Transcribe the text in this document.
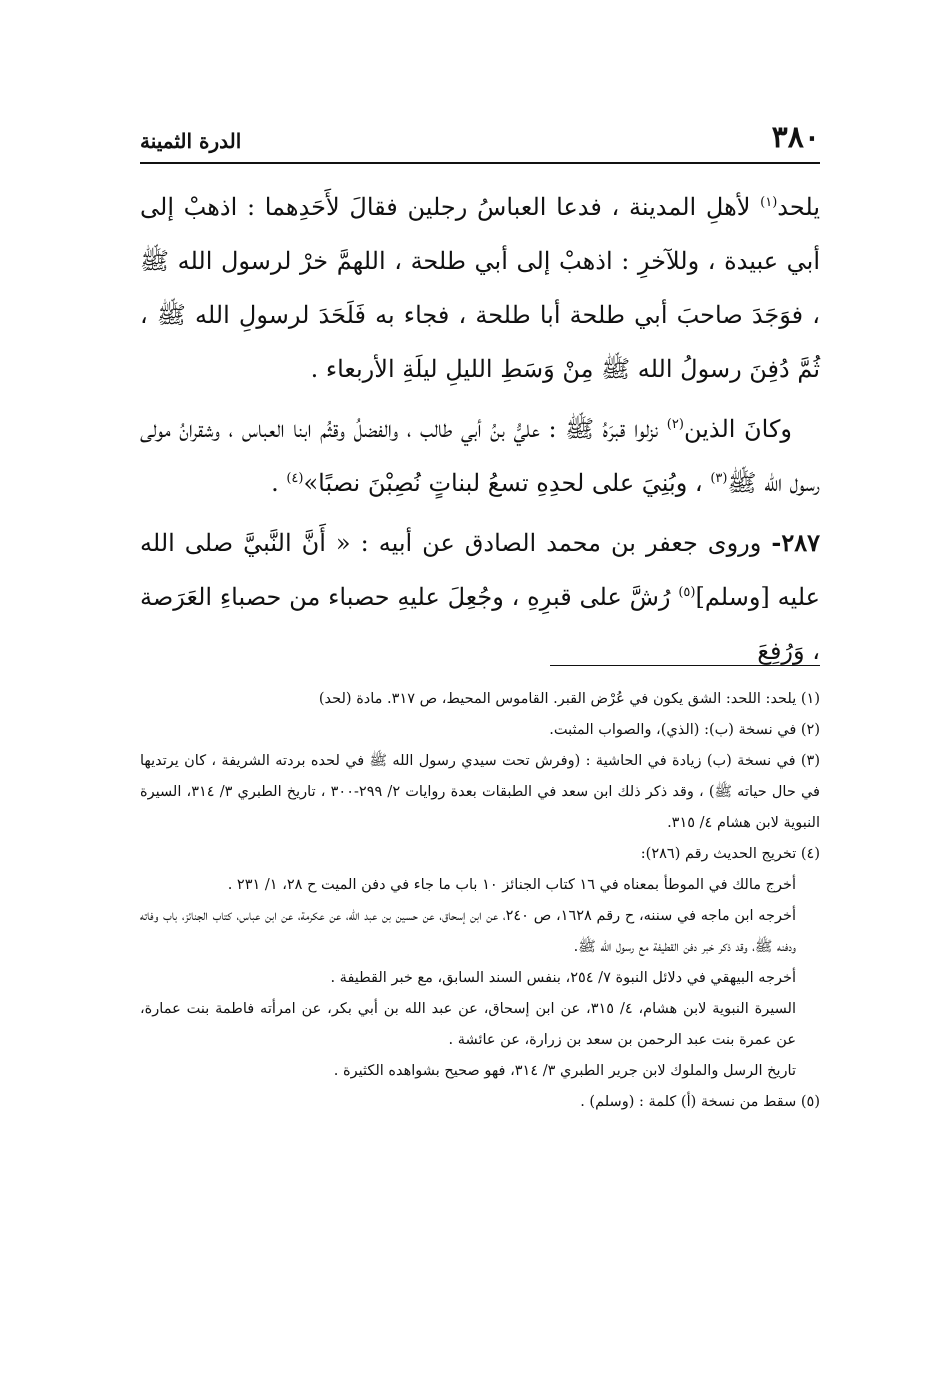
٣٨٠
الدرة الثمينة

يلحد$^{(١)}$ لأهلِ المدينة ، فدعا العباسُ رجلين فقالَ لأَحَدِهما : اذهبْ إلى أبي عبيدة ، وللآخرِ : اذهبْ إلى أبي طلحة ، اللهمَّ خرْ لرسول الله ﷺ ، فوَجَدَ صاحبَ أبي طلحة أبا طلحة ، فجاء به فَلَحَدَ لرسولِ الله ﷺ ، ثُمَّ دُفِنَ رسولُ الله ﷺ مِنْ وَسَطِ الليلِ ليلَةِ الأربعاء .

وكانَ الذين$^{(٢)}$ نزلوا قبرَهُ ﷺ : عليُّ بنُ أبي طالب ، والفضلُ وقثُم ابنا العباس ، وشقرانُ مولى رسول الله ﷺ$^{(٣)}$ ، وبُنِيَ على لحدِهِ تسعُ لبناتٍ نُصِبْنَ نصبًا»$^{(٤)}$ .

٢٨٧- وروى جعفر بن محمد الصادق عن أبيه : « أَنَّ النَّبيَّ صلى الله عليه [وسلم]$^{(٥)}$ رُشَّ على قبرِهِ ، وجُعِلَ عليهِ حصباء من حصباءِ العَرَصة ، وَرُفِعَ

(١) يلحد: اللحد: الشق يكون في عُرْض القبر. القاموس المحيط، ص ٣١٧. مادة (لحد)

(٢) في نسخة (ب): (الذي)، والصواب المثبت.

(٣) في نسخة (ب) زيادة في الحاشية : (وفرش تحت سيدي رسول الله ﷺ في لحده بردته الشريفة ، كان يرتديها في حال حياته ﷺ) ، وقد ذكر ذلك ابن سعد في الطبقات بعدة روايات ٢/ ٢٩٩-٣٠٠ ، تاريخ الطبري ٣/ ٣١٤، السيرة النبوية لابن هشام ٤/ ٣١٥.

(٤) تخريج الحديث رقم (٢٨٦):

أخرج مالك في الموطأ بمعناه في ١٦ كتاب الجنائز ١٠ باب ما جاء في دفن الميت ح ٢٨، ١/ ٢٣١ .

أخرجه ابن ماجه في سننه، ح رقم ١٦٢٨، ص ٢٤٠، عن ابن إسحاق، عن حسين بن عبد الله، عن عكرمة، عن ابن عباس، كتاب الجنائز، باب وفاته ودفنه ﷺ، وقد ذكر خبر دفن القطيفة مع رسول الله ﷺ.

أخرجه البيهقي في دلائل النبوة ٧/ ٢٥٤، بنفس السند السابق، مع خبر القطيفة .

السيرة النبوية لابن هشام، ٤/ ٣١٥، عن ابن إسحاق، عن عبد الله بن أبي بكر، عن امرأته فاطمة بنت عمارة، عن عمرة بنت عبد الرحمن بن سعد بن زرارة، عن عائشة .

تاريخ الرسل والملوك لابن جرير الطبري ٣/ ٣١٤، فهو صحيح بشواهده الكثيرة .

(٥) سقط من نسخة (أ) كلمة : (وسلم) .
